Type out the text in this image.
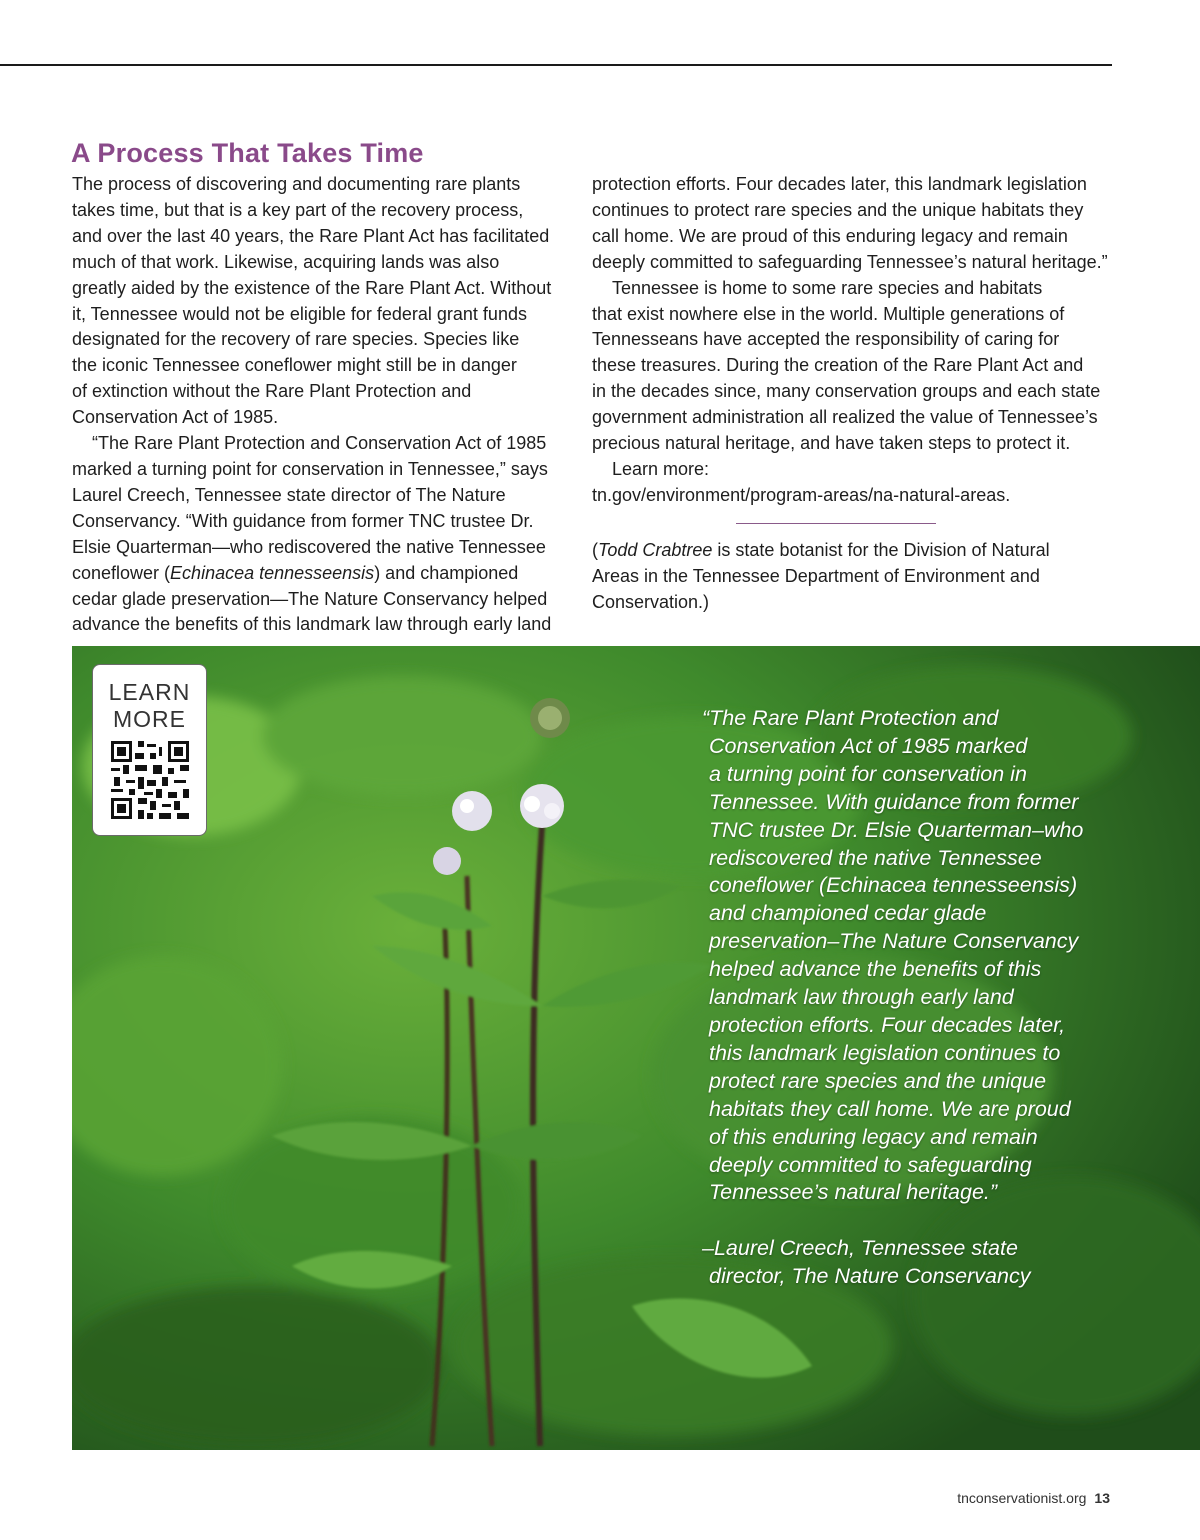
A Process That Takes Time
The process of discovering and documenting rare plants
takes time, but that is a key part of the recovery process,
and over the last 40 years, the Rare Plant Act has facilitated
much of that work. Likewise, acquiring lands was also
greatly aided by the existence of the Rare Plant Act. Without
it, Tennessee would not be eligible for federal grant funds
designated for the recovery of rare species. Species like
the iconic Tennessee coneflower might still be in danger
of extinction without the Rare Plant Protection and
Conservation Act of 1985.
“The Rare Plant Protection and Conservation Act of 1985
marked a turning point for conservation in Tennessee,” says
Laurel Creech, Tennessee state director of The Nature
Conservancy. “With guidance from former TNC trustee Dr.
Elsie Quarterman—who rediscovered the native Tennessee
coneflower (Echinacea tennesseensis) and championed
cedar glade preservation—The Nature Conservancy helped
advance the benefits of this landmark law through early land
protection efforts. Four decades later, this landmark legislation
continues to protect rare species and the unique habitats they
call home. We are proud of this enduring legacy and remain
deeply committed to safeguarding Tennessee’s natural heritage.”
Tennessee is home to some rare species and habitats
that exist nowhere else in the world. Multiple generations of
Tennesseans have accepted the responsibility of caring for
these treasures. During the creation of the Rare Plant Act and
in the decades since, many conservation groups and each state
government administration all realized the value of Tennessee’s
precious natural heritage, and have taken steps to protect it.
Learn more:
tn.gov/environment/program-areas/na-natural-areas.
(Todd Crabtree is state botanist for the Division of Natural
Areas in the Tennessee Department of Environment and
Conservation.)
LEARN
MORE	“The Rare Plant Protection and
Conservation Act of 1985 marked
a turning point for conservation in
Tennessee. With guidance from former
TNC trustee Dr. Elsie Quarterman–who
rediscovered the native Tennessee
coneflower (Echinacea tennesseensis)
and championed cedar glade
preservation–The Nature Conservancy
helped advance the benefits of this
landmark law through early land
protection efforts. Four decades later,
this landmark legislation continues to
protect rare species and the unique
habitats they call home. We are proud
of this enduring legacy and remain
deeply committed to safeguarding
Tennessee’s natural heritage.”
–Laurel Creech, Tennessee state
director, The Nature Conservancy
tnconservationist.org 13
